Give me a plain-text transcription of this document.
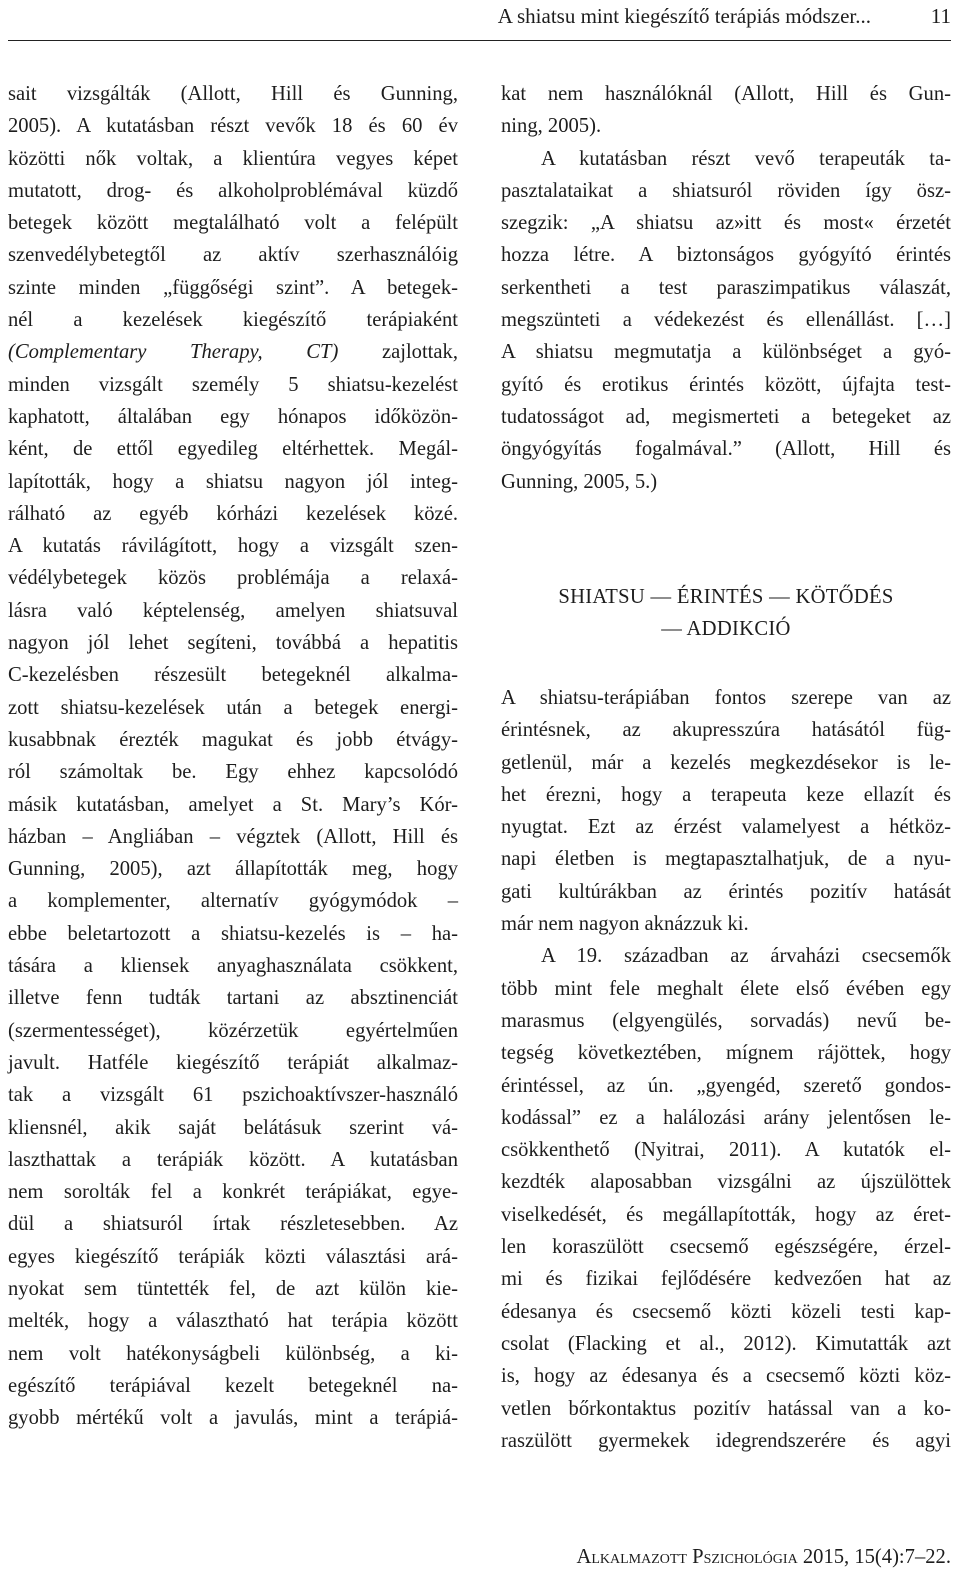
A shiatsu mint kiegészítő terápiás módszer...	11
sait vizsgálták (Allott, Hill és Gunning,
2005). A kutatásban részt vevők 18 és 60 év
közötti nők voltak, a klientúra vegyes képet
mutatott, drog- és alkoholproblémával küzdő
betegek között megtalálható volt a felépült
szenvedélybetegtől az aktív szerhasználóig
szinte minden „függőségi szint”. A betegek-
nél a kezelések kiegészítő terápiaként
(Complementary Therapy, CT) zajlottak,
minden vizsgált személy 5 shiatsu-kezelést
kaphatott, általában egy hónapos időközön-
ként, de ettől egyedileg eltérhettek. Megál-
lapították, hogy a shiatsu nagyon jól integ-
rálható az egyéb kórházi kezelések közé.
A kutatás rávilágított, hogy a vizsgált szen-
védélybetegek közös problémája a relaxá-
lásra való képtelenség, amelyen shiatsuval
nagyon jól lehet segíteni, továbbá a hepatitis
C-kezelésben részesült betegeknél alkalma-
zott shiatsu-kezelések után a betegek energi-
kusabbnak érezték magukat és jobb étvágy-
ról számoltak be. Egy ehhez kapcsolódó
másik kutatásban, amelyet a St. Mary’s Kór-
házban – Angliában – végztek (Allott, Hill és
Gunning, 2005), azt állapították meg, hogy
a komplementer, alternatív gyógymódok –
ebbe beletartozott a shiatsu-kezelés is – ha-
tására a kliensek anyaghasználata csökkent,
illetve fenn tudták tartani az absztinenciát
(szermentességet), közérzetük egyértelműen
javult. Hatféle kiegészítő terápiát alkalmaz-
tak a vizsgált 61 pszichoaktívszer-használó
kliensnél, akik saját belátásuk szerint vá-
laszthattak a terápiák között. A kutatásban
nem sorolták fel a konkrét terápiákat, egye-
dül a shiatsuról írtak részletesebben. Az
egyes kiegészítő terápiák közti választási ará-
nyokat sem tüntették fel, de azt külön kie-
melték, hogy a választható hat terápia között
nem volt hatékonyságbeli különbség, a ki-
egészítő terápiával kezelt betegeknél na-
gyobb mértékű volt a javulás, mint a terápiá-
kat nem használóknál (Allott, Hill és Gun-
ning, 2005).
A kutatásban részt vevő terapeuták ta-
pasztalataikat a shiatsuról röviden így ösz-
szegzik: „A shiatsu az»itt és most« érzetét
hozza létre. A biztonságos gyógyító érintés
serkentheti a test paraszimpatikus válaszát,
megszünteti a védekezést és ellenállást. […]
A shiatsu megmutatja a különbséget a gyó-
gyító és erotikus érintés között, újfajta test-
tudatosságot ad, megismerteti a betegeket az
öngyógyítás fogalmával.” (Allott, Hill és
Gunning, 2005, 5.)
SHIATSU — ÉRINTÉS — KÖTŐDÉS
— ADDIKCIÓ
A shiatsu-terápiában fontos szerepe van az
érintésnek, az akupresszúra hatásától füg-
getlenül, már a kezelés megkezdésekor is le-
het érezni, hogy a terapeuta keze ellazít és
nyugtat. Ezt az érzést valamelyest a hétköz-
napi életben is megtapasztalhatjuk, de a nyu-
gati kultúrákban az érintés pozitív hatását
már nem nagyon aknázzuk ki.
A 19. században az árvaházi csecsemők
több mint fele meghalt élete első évében egy
marasmus (elgyengülés, sorvadás) nevű be-
tegség következtében, mígnem rájöttek, hogy
érintéssel, az ún. „gyengéd, szerető gondos-
kodással” ez a halálozási arány jelentősen le-
csökkenthető (Nyitrai, 2011). A kutatók el-
kezdték alaposabban vizsgálni az újszülöttek
viselkedését, és megállapították, hogy az éret-
len koraszülött csecsemő egészségére, érzel-
mi és fizikai fejlődésére kedvezően hat az
édesanya és csecsemő közti közeli testi kap-
csolat (Flacking et al., 2012). Kimutatták azt
is, hogy az édesanya és a csecsemő közti köz-
vetlen bőrkontaktus pozitív hatással van a ko-
raszülött gyermekek idegrendszerére és agyi
Alkalmazott Pszichológia 2015, 15(4):7–22.
